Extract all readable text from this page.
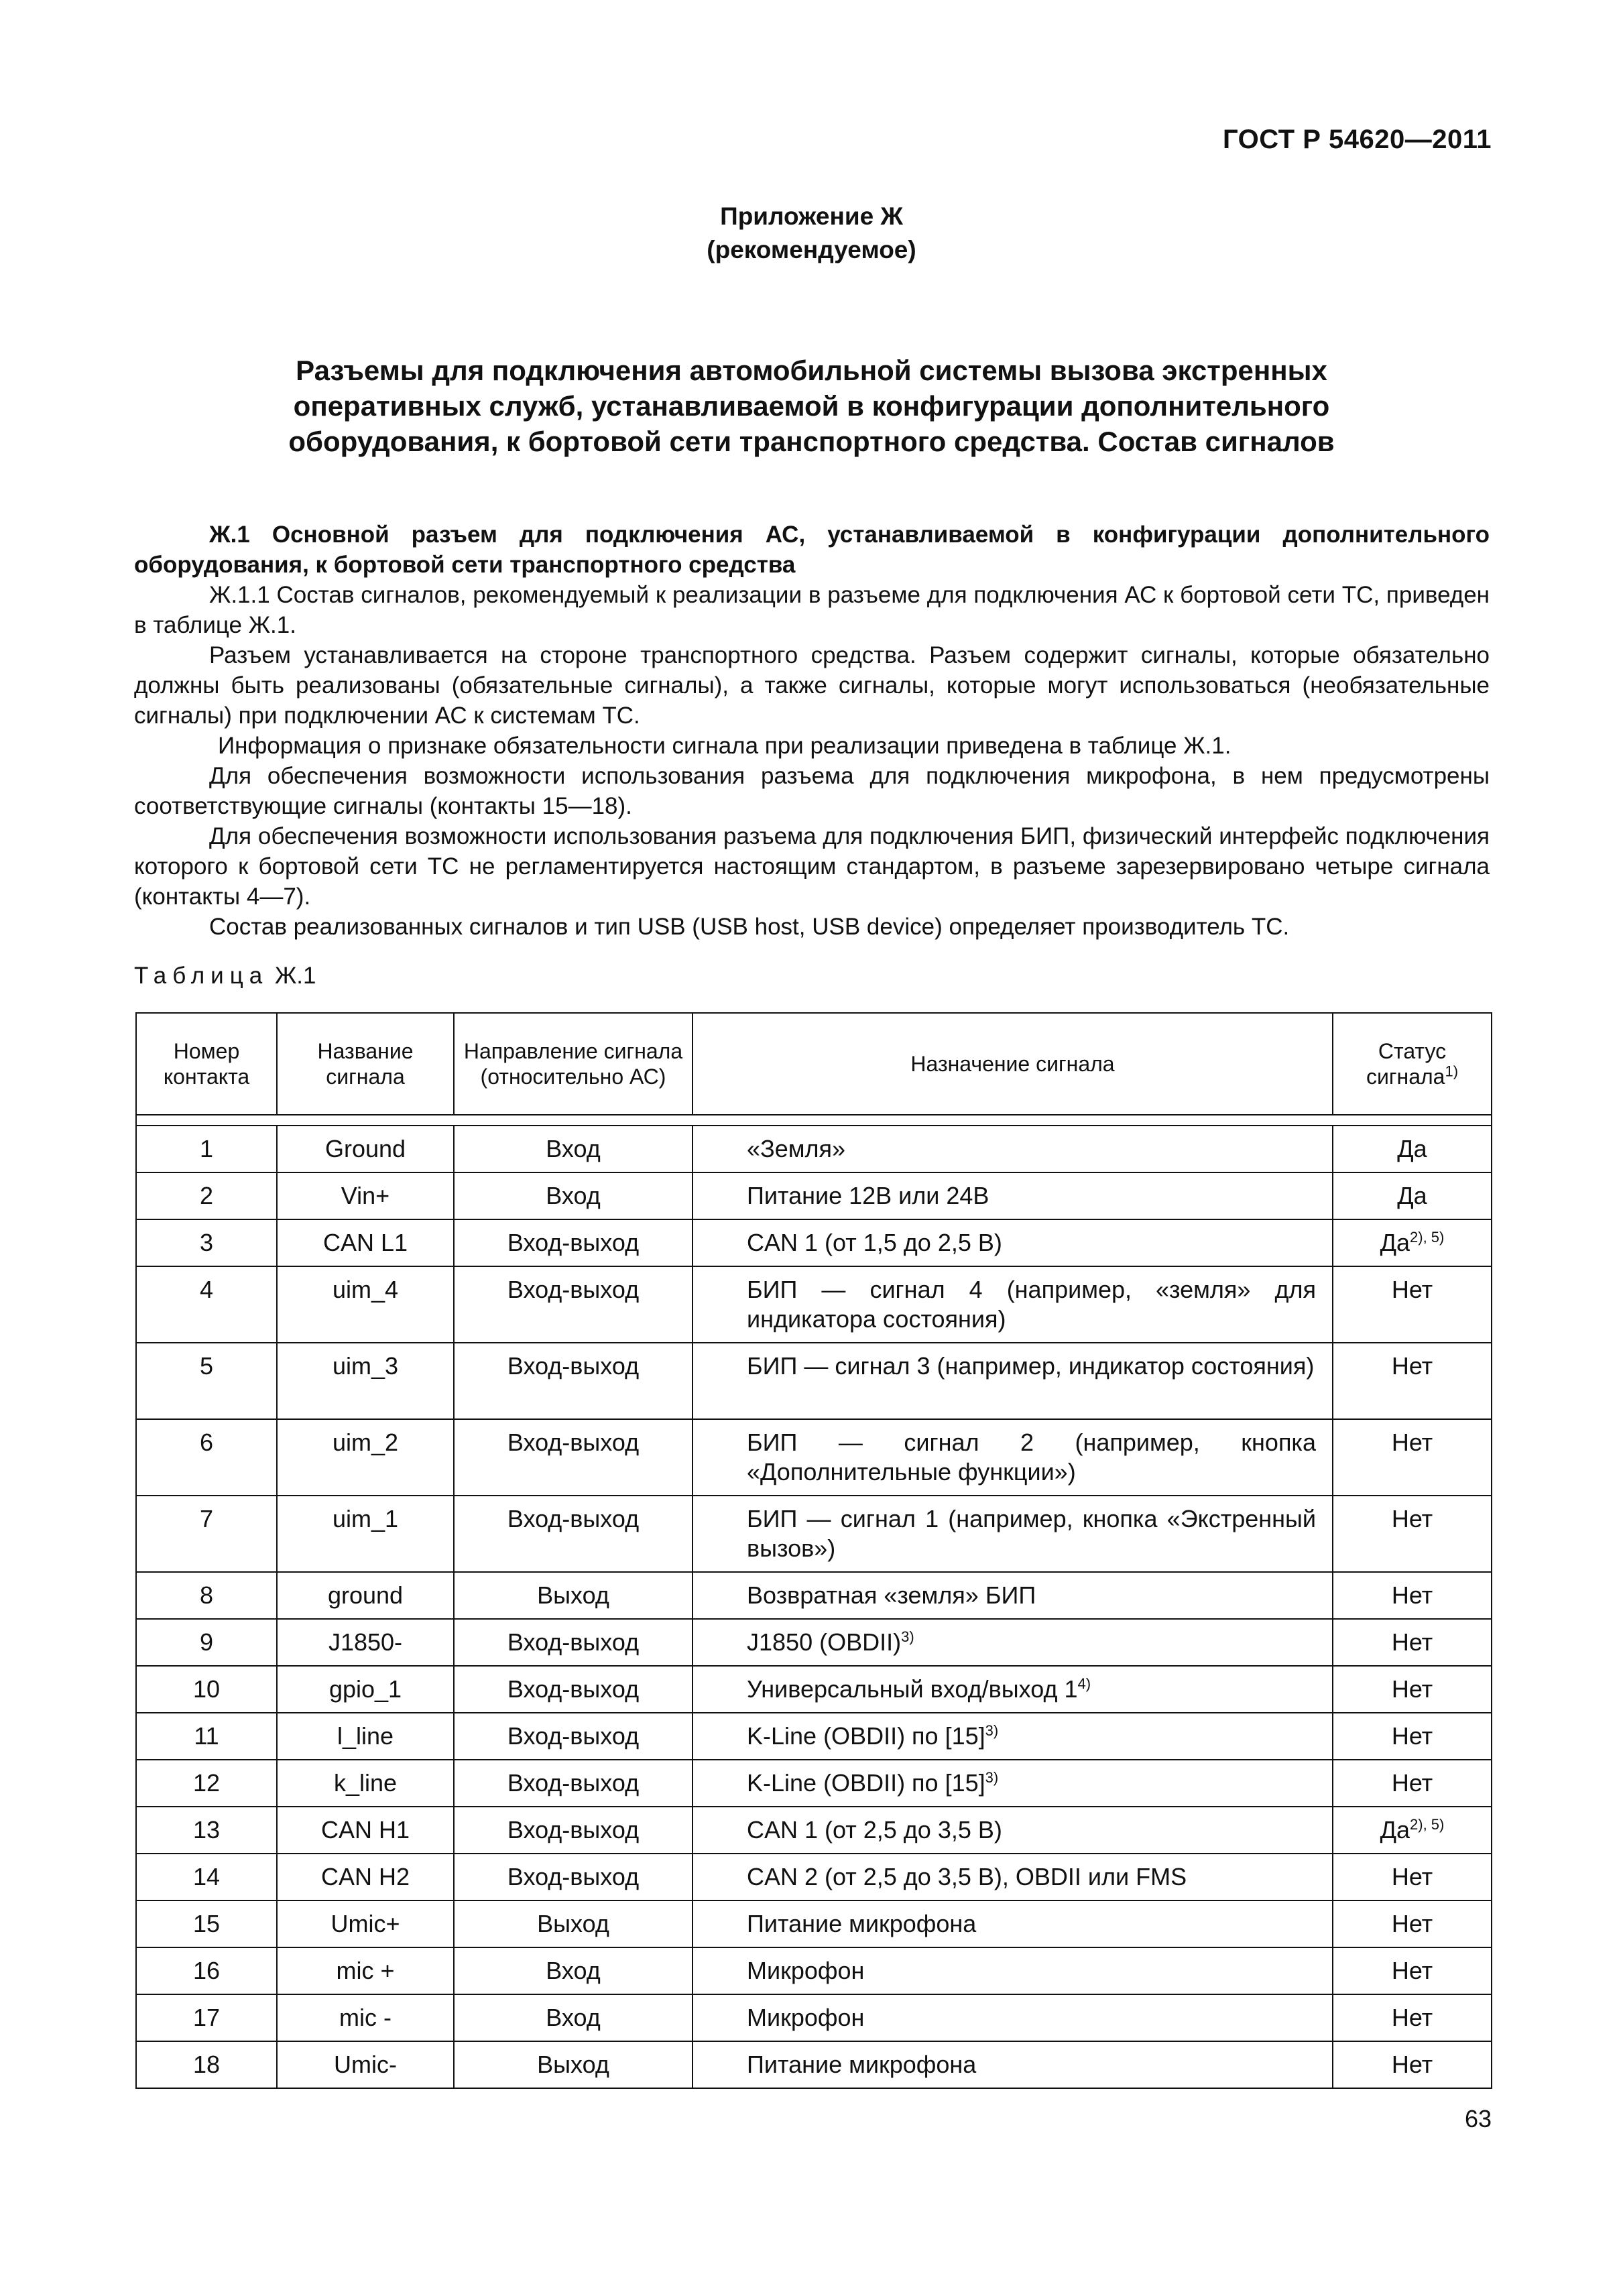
ГОСТ Р 54620—2011
Приложение Ж
(рекомендуемое)
Разъемы для подключения автомобильной системы вызова экстренных оперативных служб, устанавливаемой в конфигурации дополнительного оборудования, к бортовой сети транспортного средства. Состав сигналов
Ж.1 Основной разъем для подключения АС, устанавливаемой в конфигурации дополнительного оборудования, к бортовой сети транспортного средства
Ж.1.1 Состав сигналов, рекомендуемый к реализации в разъеме для подключения АС к бортовой сети ТС, приведен в таблице Ж.1.
Разъем устанавливается на стороне транспортного средства. Разъем содержит сигналы, которые обязательно должны быть реализованы (обязательные сигналы), а также сигналы, которые могут использоваться (необязательные сигналы) при подключении АС к системам ТС.
Информация о признаке обязательности сигнала при реализации приведена в таблице Ж.1.
Для обеспечения возможности использования разъема для подключения микрофона, в нем предусмотрены соответствующие сигналы (контакты 15—18).
Для обеспечения возможности использования разъема для подключения БИП, физический интерфейс подключения которого к бортовой сети ТС не регламентируется настоящим стандартом, в разъеме зарезервировано четыре сигнала (контакты 4—7).
Состав реализованных сигналов и тип USB (USB host, USB device) определяет производитель ТС.
Таблица Ж.1
Номер контакта	Название сигнала	Направление сигнала (относительно АС)	Назначение сигнала	Статус сигнала$^{1)}$

1	Ground	Вход	«Земля»	Да
2	Vin+	Вход	Питание 12В или 24В	Да
3	CAN L1	Вход-выход	CAN 1 (от 1,5 до 2,5 В)	$Да^{2), 5)}$
4	uim_4	Вход-выход	БИП — сигнал 4 (например, «земля» для индикатора состояния)	Нет
5	uim_3	Вход-выход	БИП — сигнал 3 (например, индикатор состояния)	Нет
6	uim_2	Вход-выход	БИП — сигнал 2 (например, кнопка «Дополнительные функции»)	Нет
7	uim_1	Вход-выход	БИП — сигнал 1 (например, кнопка «Экстренный вызов»)	Нет
8	ground	Выход	Возвратная «земля» БИП	Нет
9	J1850-	Вход-выход	J1850 (OBDII)$^{3)}$	Нет
10	gpio_1	Вход-выход	Универсальный вход/выход 1$^{4)}$	Нет
11	l_line	Вход-выход	K-Line (OBDII) по $[15]^{3)}$	Нет
12	k_line	Вход-выход	K-Line (OBDII) по $[15]^{3)}$	Нет
13	CAN H1	Вход-выход	CAN 1 (от 2,5 до 3,5 В)	$Да^{2), 5)}$
14	CAN H2	Вход-выход	CAN 2 (от 2,5 до 3,5 В), OBDII или FMS	Нет
15	Umic+	Выход	Питание микрофона	Нет
16	mic +	Вход	Микрофон	Нет
17	mic -	Вход	Микрофон	Нет
18	Umic-	Выход	Питание микрофона	Нет
63
